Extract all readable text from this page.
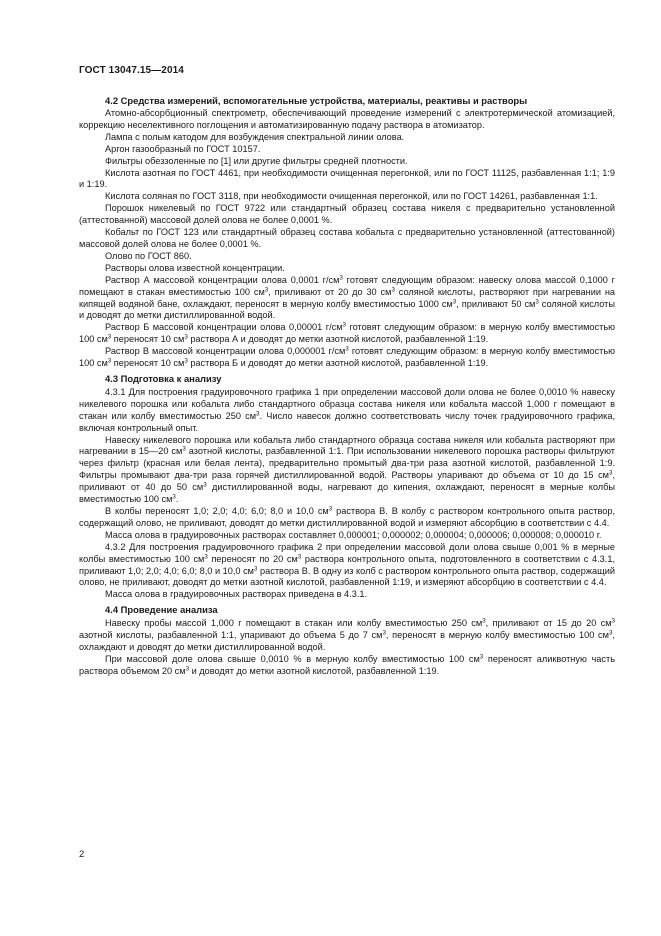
ГОСТ 13047.15—2014
4.2 Средства измерений, вспомогательные устройства, материалы, реактивы и растворы

Атомно-абсорбционный спектрометр, обеспечивающий проведение измерений с электротермической атомизацией, коррекцию неселективного поглощения и автоматизированную подачу раствора в атомизатор.

Лампа с полым катодом для возбуждения спектральной линии олова.

Аргон газообразный по ГОСТ 10157.

Фильтры обеззоленные по [1] или другие фильтры средней плотности.

Кислота азотная по ГОСТ 4461, при необходимости очищенная перегонкой, или по ГОСТ 11125, разбавленная 1:1; 1:9 и 1:19.

Кислота соляная по ГОСТ 3118, при необходимости очищенная перегонкой, или по ГОСТ 14261, разбавленная 1:1.

Порошок никелевый по ГОСТ 9722 или стандартный образец состава никеля с предварительно установленной (аттестованной) массовой долей олова не более 0,0001 %.

Кобальт по ГОСТ 123 или стандартный образец состава кобальта с предварительно установленной (аттестованной) массовой долей олова не более 0,0001 %.

Олово по ГОСТ 860.

Растворы олова известной концентрации.

Раствор А массовой концентрации олова 0,0001 $г/см^3$ готовят следующим образом: навеску олова массой 0,1000 г помещают в стакан вместимостью 100 $см^3$, приливают от 20 до 30 $см^3$ соляной кислоты, растворяют при нагревании на кипящей водяной бане, охлаждают, переносят в мерную колбу вместимостью 1000 $см^3$, приливают 50 $см^3$ соляной кислоты и доводят до метки дистиллированной водой.

Раствор Б массовой концентрации олова 0,00001 $г/см^3$ готовят следующим образом: в мерную колбу вместимостью 100 $см^3$ переносят 10 $см^3$ раствора А и доводят до метки азотной кислотой, разбавленной 1:19.

Раствор В массовой концентрации олова 0,000001 $г/см^3$ готовят следующим образом: в мерную колбу вместимостью 100 $см^3$ переносят 10 $см^3$ раствора Б и доводят до метки азотной кислотой, разбавленной 1:19.

4.3 Подготовка к анализу

4.3.1 Для построения градуировочного графика 1 при определении массовой доли олова не более 0,0010 % навеску никелевого порошка или кобальта либо стандартного образца состава никеля или кобальта массой 1,000 г помещают в стакан или колбу вместимостью 250 $см^3$. Число навесок должно соответствовать числу точек градуировочного графика, включая контрольный опыт.

Навеску никелевого порошка или кобальта либо стандартного образца состава никеля или кобальта растворяют при нагревании в 15—20 $см^3$ азотной кислоты, разбавленной 1:1. При использовании никелевого порошка растворы фильтруют через фильтр (красная или белая лента), предварительно промытый два-три раза азотной кислотой, разбавленной 1:9. Фильтры промывают два-три раза горячей дистиллированной водой. Растворы упаривают до объема от 10 до 15 $см^3$, приливают от 40 до 50 $см^3$ дистиллированной воды, нагревают до кипения, охлаждают, переносят в мерные колбы вместимостью 100 $см^3$.

В колбы переносят 1,0; 2,0; 4,0; 6,0; 8,0 и 10,0 $см^3$ раствора В. В колбу с раствором контрольного опыта раствор, содержащий олово, не приливают, доводят до метки дистиллированной водой и измеряют абсорбцию в соответствии с 4.4.

Масса олова в градуировочных растворах составляет 0,000001; 0,000002; 0,000004; 0,000006; 0,000008; 0,000010 г.

4.3.2 Для построения градуировочного графика 2 при определении массовой доли олова свыше 0,001 % в мерные колбы вместимостью 100 $см^3$ переносят по 20 $см^3$ раствора контрольного опыта, подготовленного в соответствии с 4.3.1, приливают 1,0; 2,0; 4,0; 6,0; 8,0 и 10,0 $см^3$ раствора В. В одну из колб с раствором контрольного опыта раствор, содержащий олово, не приливают, доводят до метки азотной кислотой, разбавленной 1:19, и измеряют абсорбцию в соответствии с 4.4.

Масса олова в градуировочных растворах приведена в 4.3.1.

4.4 Проведение анализа

Навеску пробы массой 1,000 г помещают в стакан или колбу вместимостью 250 $см^3$, приливают от 15 до 20 $см^3$ азотной кислоты, разбавленной 1:1, упаривают до объема 5 до 7 $см^3$, переносят в мерную колбу вместимостью 100 $см^3$, охлаждают и доводят до метки дистиллированной водой.

При массовой доле олова свыше 0,0010 % в мерную колбу вместимостью 100 $см^3$ переносят аликвотную часть раствора объемом 20 $см^3$ и доводят до метки азотной кислотой, разбавленной 1:19.

2
